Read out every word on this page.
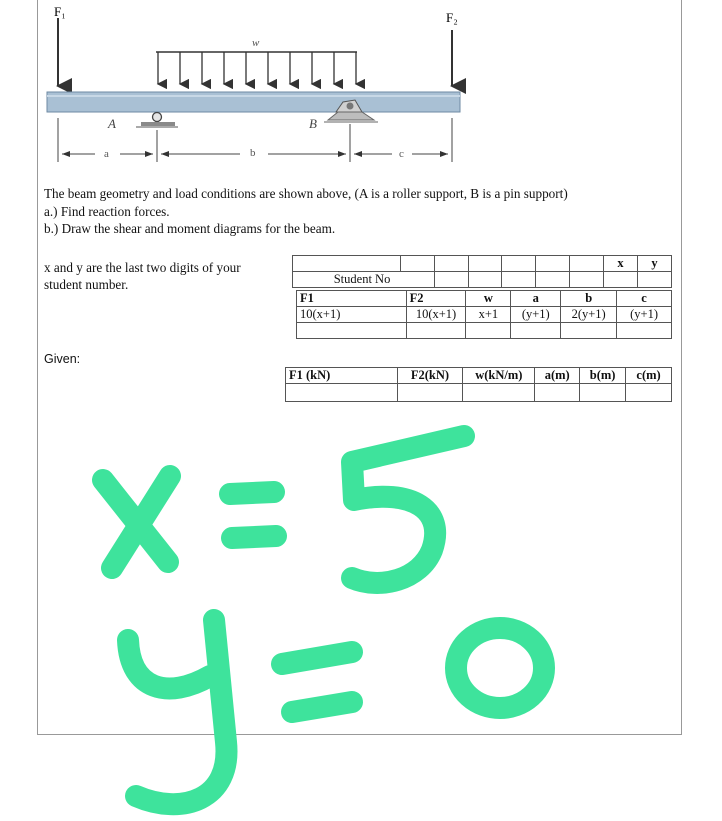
F₁	F₂
w
A	B
a	b	c
The beam geometry and load conditions are shown above, (A is a roller support, B is a pin support)
a.) Find reaction forces.
b.) Draw the shear and moment diagrams for the beam.
x and y are the last two digits of your
student number.
Given:
							x	y
Student No								
F1	F2	w	a	b	c
10(x+1)	10(x+1)	x+1	(y+1)	2(y+1)	(y+1)

F1 (kN)	F2(kN)	w(kN/m)	a(m)	b(m)	c(m)
